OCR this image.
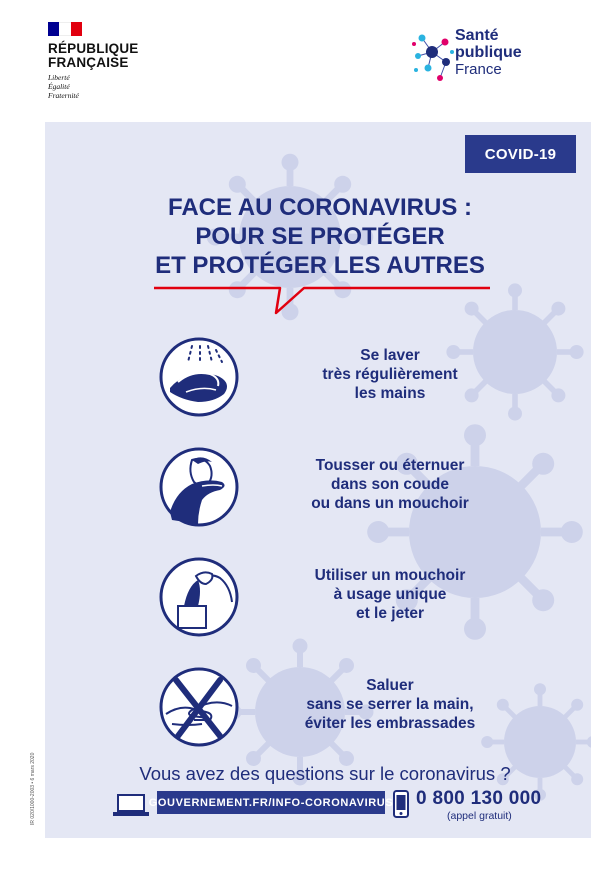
RÉPUBLIQUE
FRANÇAISE
Liberté
Égalité
Fraternité
Santé
publique
France
COVID-19
FACE AU CORONAVIRUS :
POUR SE PROTÉGER
ET PROTÉGER LES AUTRES
Se laver
très régulièrement
les mains
Tousser ou éternuer
dans son coude
ou dans un mouchoir
Utiliser un mouchoir
à usage unique
et le jeter
Saluer
sans se serrer la main,
éviter les embrassades
Vous avez des questions sur le coronavirus ?
GOUVERNEMENT.FR/INFO-CORONAVIRUS 0 800 130 000
(appel gratuit)
IR 020/1000-2003 • 6 mars 2020
